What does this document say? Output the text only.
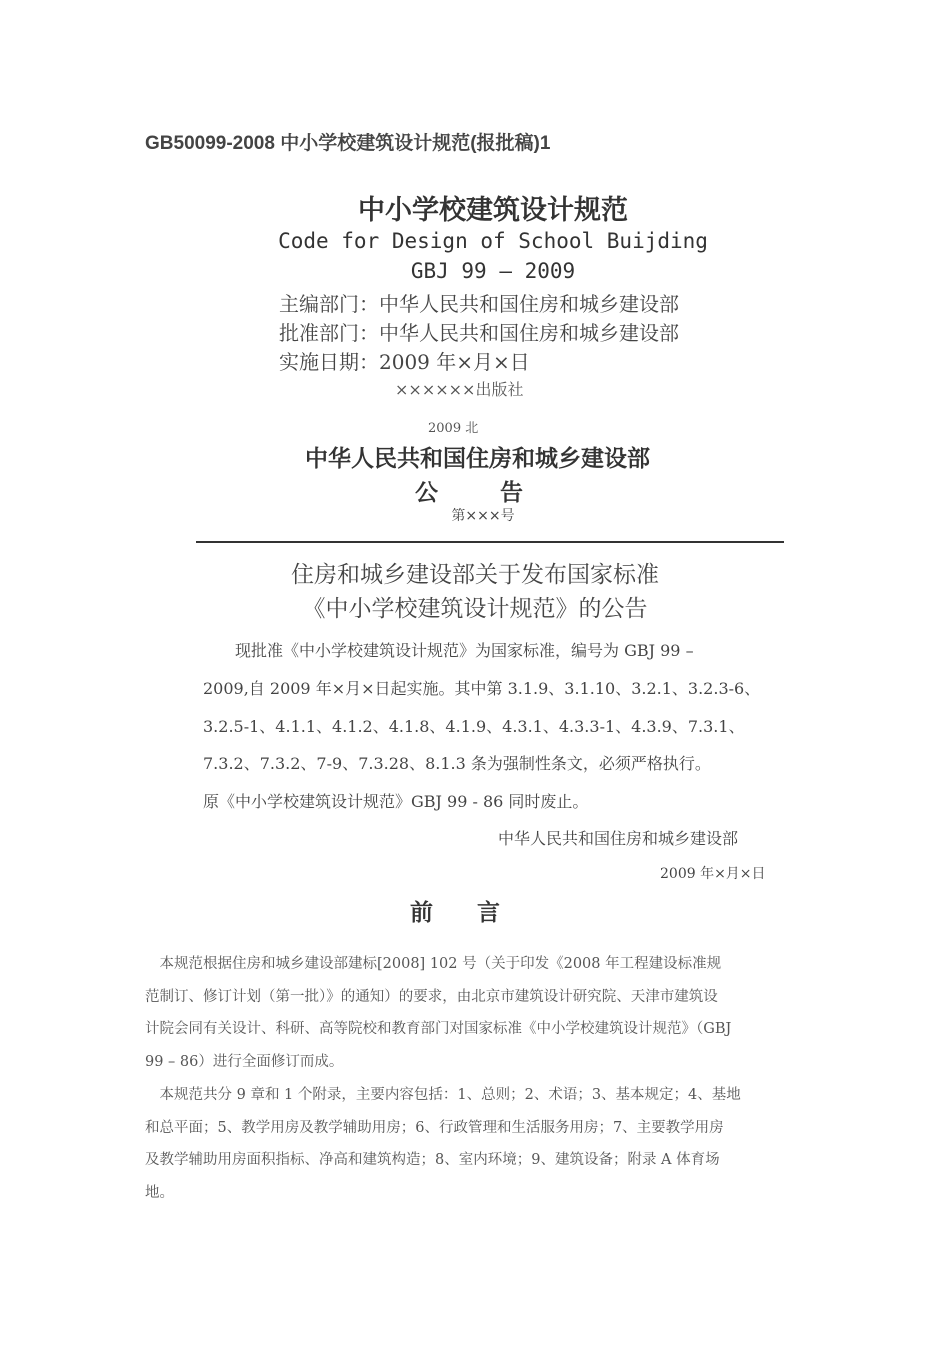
GB50099-2008 中小学校建筑设计规范(报批稿)1
中小学校建筑设计规范
Code for Design of School Buijding
GBJ 99 – 2009
主编部门：中华人民共和国住房和城乡建设部
批准部门：中华人民共和国住房和城乡建设部
实施日期：2009 年×月×日
××××××出版社
2009 北
中华人民共和国住房和城乡建设部
公告
第×××号
住房和城乡建设部关于发布国家标准
《中小学校建筑设计规范》的公告
　现批准《中小学校建筑设计规范》为国家标准，编号为 GBJ 99 –
2009,自 2009 年×月×日起实施。其中第 3.1.9、3.1.10、3.2.1、3.2.3-6、
3.2.5-1、4.1.1、4.1.2、4.1.8、4.1.9、4.3.1、4.3.3-1、4.3.9、7.3.1、
7.3.2、7.3.2、7-9、7.3.28、8.1.3 条为强制性条文，必须严格执行。
原《中小学校建筑设计规范》GBJ 99 - 86 同时废止。
中华人民共和国住房和城乡建设部
2009 年×月×日
前言
　本规范根据住房和城乡建设部建标[2008] 102 号（关于印发《2008 年工程建设标准规
范制订、修订计划（第一批）》的通知）的要求，由北京市建筑设计研究院、天津市建筑设
计院会同有关设计、科研、高等院校和教育部门对国家标准《中小学校建筑设计规范》（GBJ
99 – 86）进行全面修订而成。
　本规范共分 9 章和 1 个附录，主要内容包括：1、总则；2、术语；3、基本规定；4、基地
和总平面；5、教学用房及教学辅助用房；6、行政管理和生活服务用房；7、主要教学用房
及教学辅助用房面积指标、净高和建筑构造；8、室内环境；9、建筑设备；附录 A 体育场
地。
